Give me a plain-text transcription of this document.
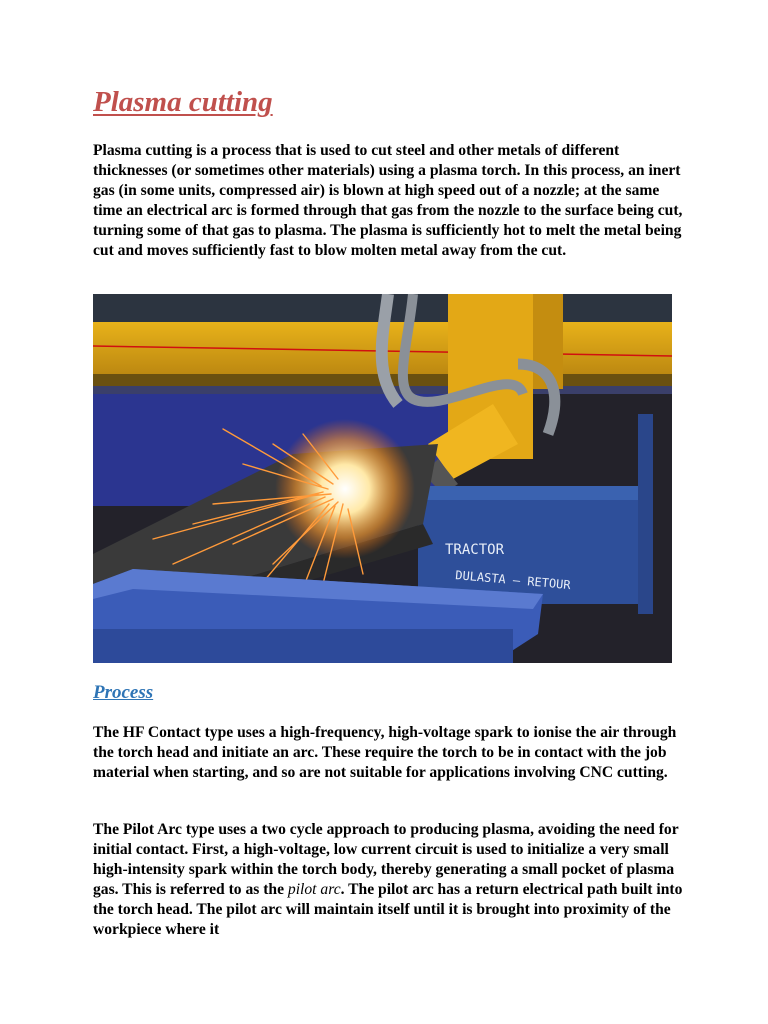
Plasma cutting

Plasma cutting is a process that is used to cut steel and other metals of different thicknesses (or sometimes other materials) using a plasma torch. In this process, an inert gas (in some units, compressed air) is blown at high speed out of a nozzle; at the same time an electrical arc is formed through that gas from the nozzle to the surface being cut, turning some of that gas to plasma. The plasma is sufficiently hot to melt the metal being cut and moves sufficiently fast to blow molten metal away from the cut.

TRACTOR
DULASTA — RETOUR
Process

The HF Contact type uses a high-frequency, high-voltage spark to ionise the air through the torch head and initiate an arc. These require the torch to be in contact with the job material when starting, and so are not suitable for applications involving CNC cutting.

The Pilot Arc type uses a two cycle approach to producing plasma, avoiding the need for initial contact. First, a high-voltage, low current circuit is used to initialize a very small high-intensity spark within the torch body, thereby generating a small pocket of plasma gas. This is referred to as the pilot arc. The pilot arc has a return electrical path built into the torch head. The pilot arc will maintain itself until it is brought into proximity of the workpiece where it
